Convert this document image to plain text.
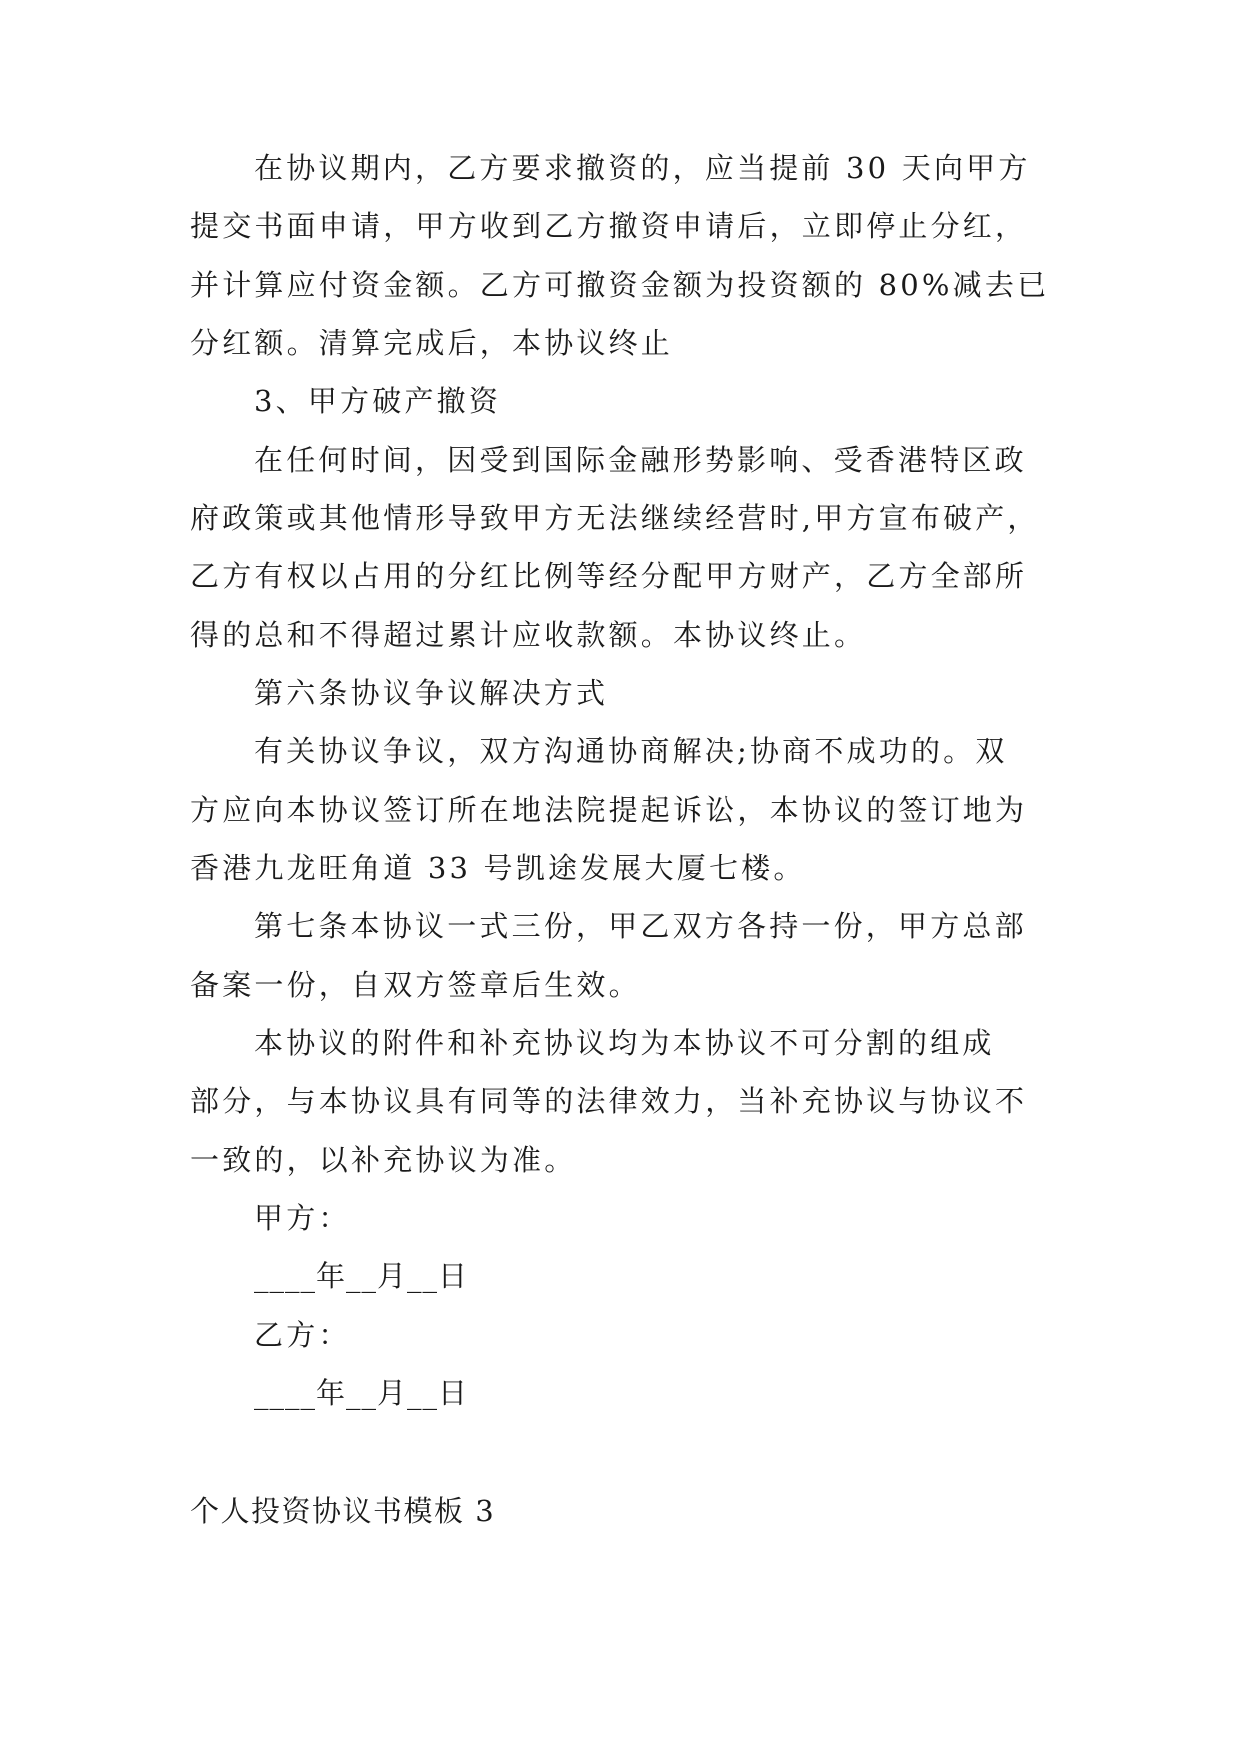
在协议期内，乙方要求撤资的，应当提前 30 天向甲方
提交书面申请，甲方收到乙方撤资申请后，立即停止分红，
并计算应付资金额。乙方可撤资金额为投资额的 80%减去已
分红额。清算完成后，本协议终止
3、甲方破产撤资
在任何时间，因受到国际金融形势影响、受香港特区政
府政策或其他情形导致甲方无法继续经营时,甲方宣布破产，
乙方有权以占用的分红比例等经分配甲方财产，乙方全部所
得的总和不得超过累计应收款额。本协议终止。
第六条协议争议解决方式
有关协议争议，双方沟通协商解决;协商不成功的。双
方应向本协议签订所在地法院提起诉讼，本协议的签订地为
香港九龙旺角道 33 号凯途发展大厦七楼。
第七条本协议一式三份，甲乙双方各持一份，甲方总部
备案一份，自双方签章后生效。
本协议的附件和补充协议均为本协议不可分割的组成
部分，与本协议具有同等的法律效力，当补充协议与协议不
一致的，以补充协议为准。
甲方：
____年__月__日
乙方：
____年__月__日
个人投资协议书模板 3
